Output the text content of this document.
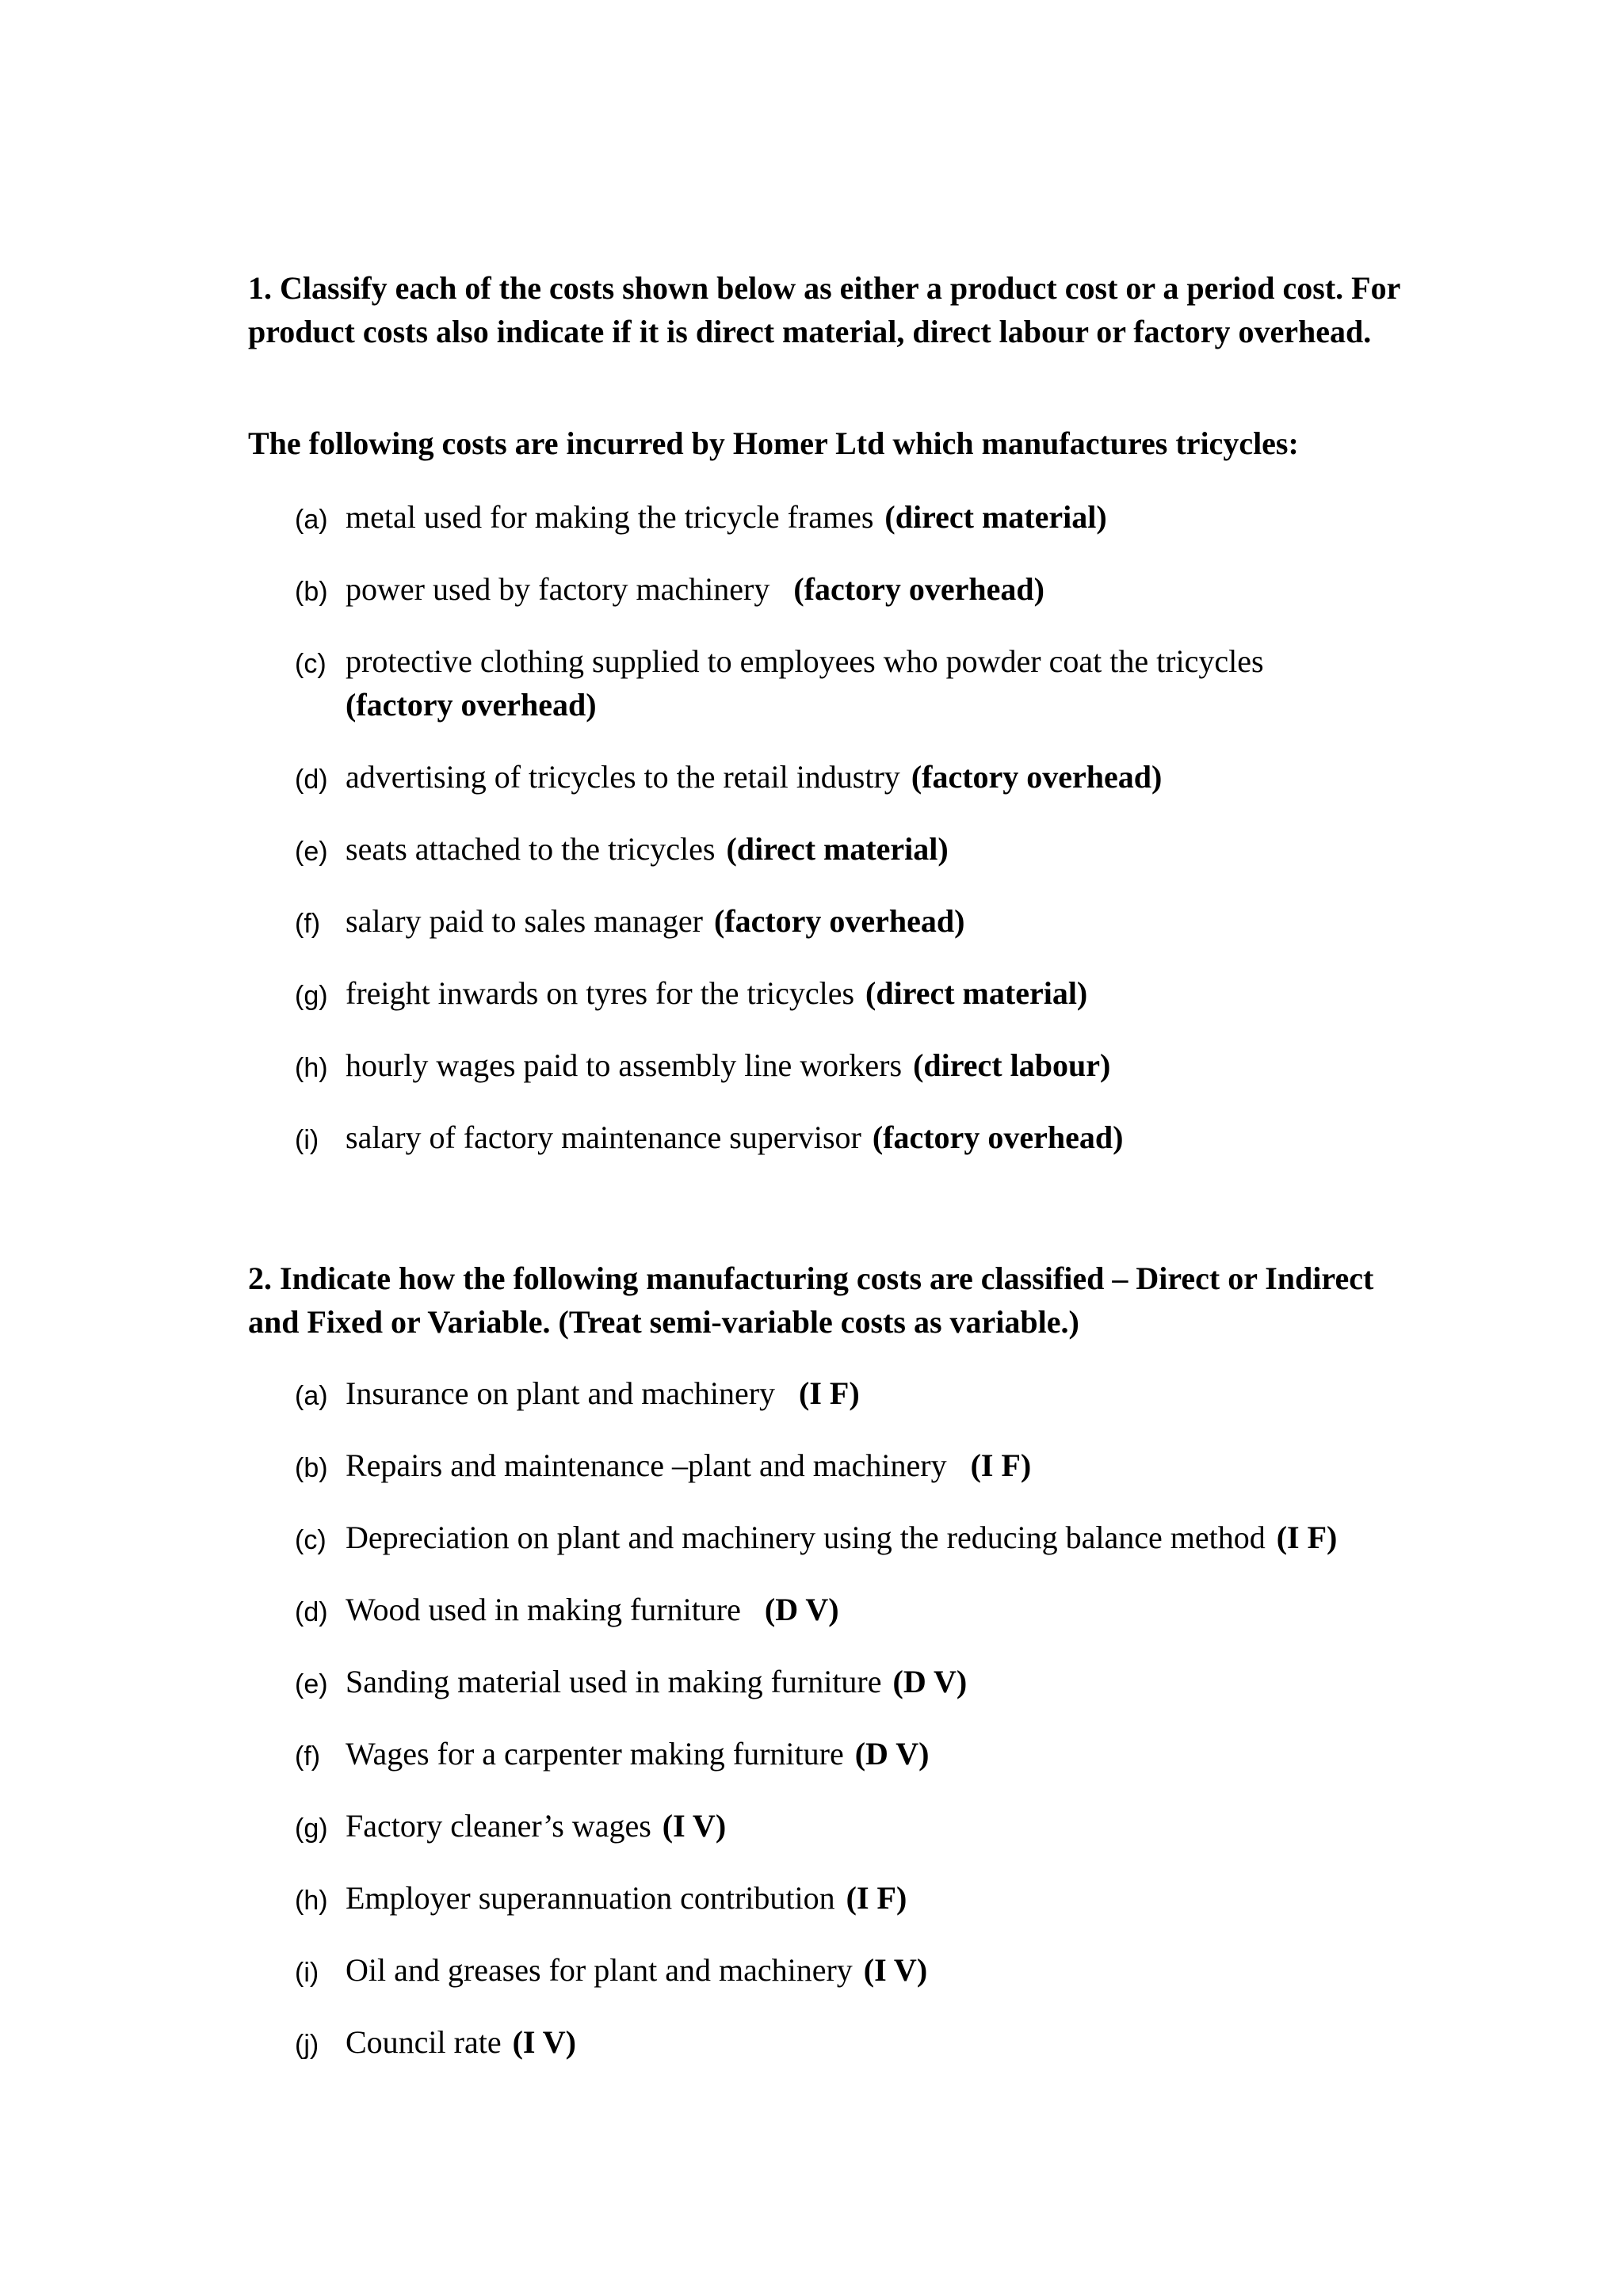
1. Classify each of the costs shown below as either a product cost or a period cost. For product costs also indicate if it is direct material, direct labour or factory overhead.

The following costs are incurred by Homer Ltd which manufactures tricycles:

(a) metal used for making the tricycle frames (direct material)
(b) power used by factory machinery (factory overhead)
(c) protective clothing supplied to employees who powder coat the tricycles
(factory overhead)
(d) advertising of tricycles to the retail industry (factory overhead)
(e) seats attached to the tricycles (direct material)
(f) salary paid to sales manager (factory overhead)
(g) freight inwards on tyres for the tricycles (direct material)
(h) hourly wages paid to assembly line workers (direct labour)
(i) salary of factory maintenance supervisor (factory overhead)

2. Indicate how the following manufacturing costs are classified – Direct or Indirect and Fixed or Variable. (Treat semi-variable costs as variable.)

(a) Insurance on plant and machinery (I F)
(b) Repairs and maintenance –plant and machinery (I F)
(c) Depreciation on plant and machinery using the reducing balance method (I F)
(d) Wood used in making furniture (D V)
(e) Sanding material used in making furniture (D V)
(f) Wages for a carpenter making furniture (D V)
(g) Factory cleaner’s wages (I V)
(h) Employer superannuation contribution (I F)
(i) Oil and greases for plant and machinery (I V)
(j) Council rate (I V)
